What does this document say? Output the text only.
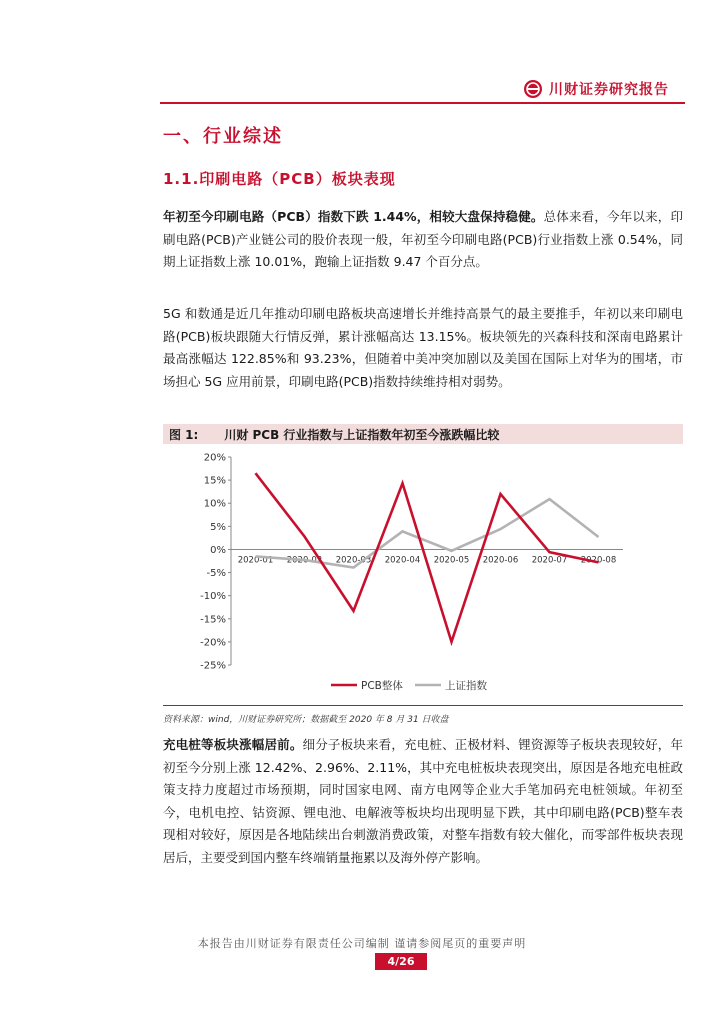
川财证券研究报告
一、行业综述
1.1.印刷电路（PCB）板块表现
年初至今印刷电路（PCB）指数下跌 1.44%，相较大盘保持稳健。总体来看，今年以来，印刷电路(PCB)产业链公司的股价表现一般，年初至今印刷电路(PCB)行业指数上涨 0.54%，同期上证指数上涨 10.01%，跑输上证指数 9.47 个百分点。
5G 和数通是近几年推动印刷电路板块高速增长并维持高景气的最主要推手，年初以来印刷电路(PCB)板块跟随大行情反弹，累计涨幅高达 13.15%。板块领先的兴森科技和深南电路累计最高涨幅达 122.85%和 93.23%，但随着中美冲突加剧以及美国在国际上对华为的围堵，市场担心 5G 应用前景，印刷电路(PCB)指数持续维持相对弱势。
图 1: 川财 PCB 行业指数与上证指数年初至今涨跌幅比较
20%
15%
10%
5%
0%
-5%
-10%
-15%
-20%
-25%
2020-01 2020-02 2020-03 2020-04 2020-05 2020-06 2020-07 2020-08
PCB整体	上证指数
资料来源：wind，川财证券研究所；数据截至 2020 年 8 月 31 日收盘
充电桩等板块涨幅居前。细分子板块来看，充电桩、正极材料、锂资源等子板块表现较好，年初至今分别上涨 12.42%、2.96%、2.11%，其中充电桩板块表现突出，原因是各地充电桩政策支持力度超过市场预期，同时国家电网、南方电网等企业大手笔加码充电桩领域。年初至今，电机电控、钴资源、锂电池、电解液等板块均出现明显下跌，其中印刷电路(PCB)整车表现相对较好，原因是各地陆续出台刺激消费政策，对整车指数有较大催化，而零部件板块表现居后，主要受到国内整车终端销量拖累以及海外停产影响。
本报告由川财证券有限责任公司编制 谨请参阅尾页的重要声明
4/26
